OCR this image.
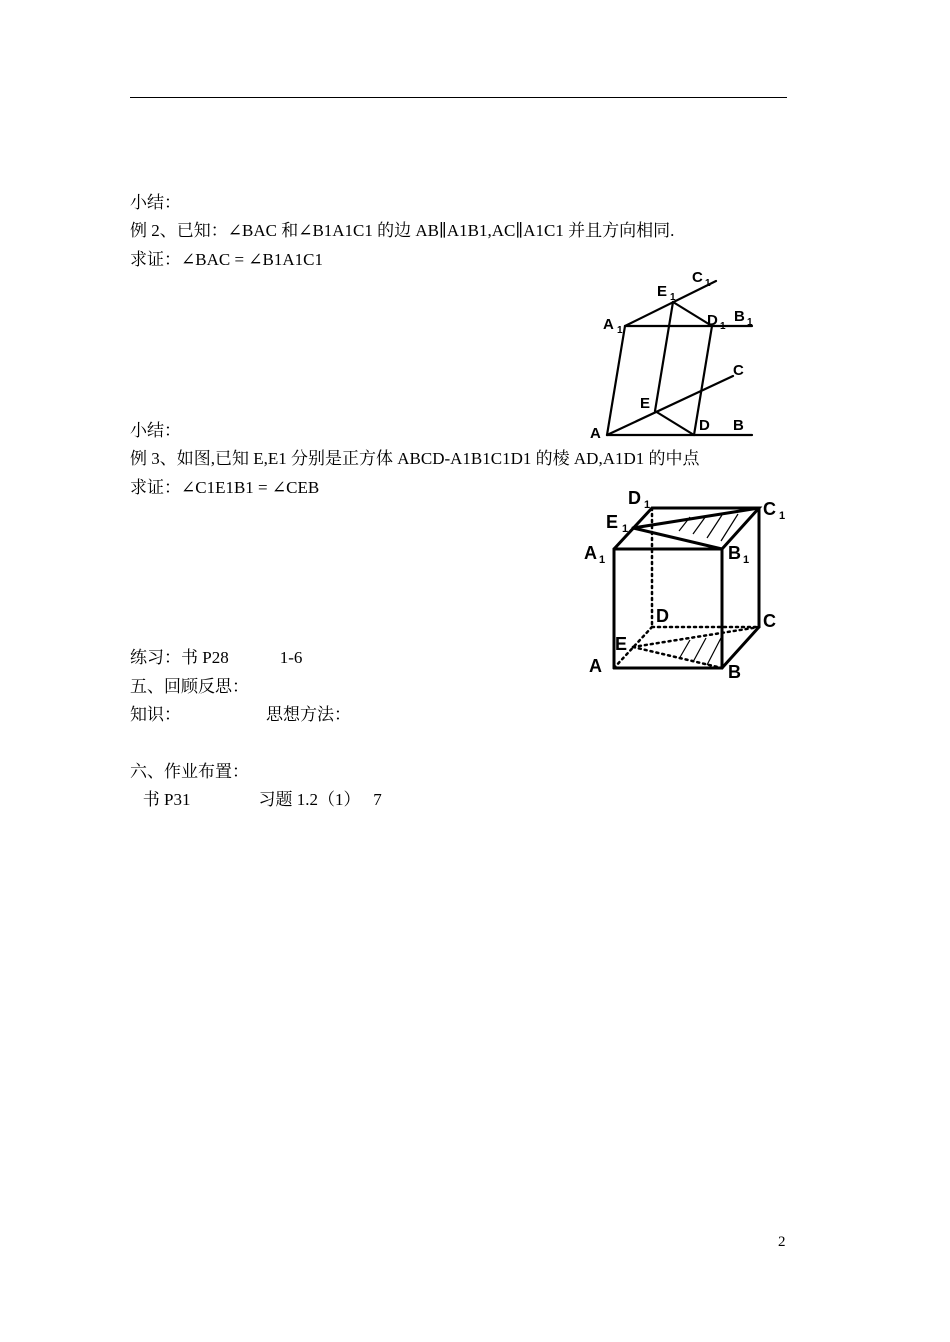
小结：
例 2、已知：∠BAC 和∠B1A1C1 的边 AB∥A1B1,AC∥A1C1 并且方向相同.
求证：∠BAC = ∠B1A1C1
小结：
例 3、如图,已知 E,E1 分别是正方体 ABCD-A1B1C1D1 的棱 AD,A1D1 的中点
求证：∠C1E1B1 = ∠CEB
练习：书 P28            1-6
五、回顾反思：
知识：                    思想方法：
六、作业布置：
书 P31                习题 1.2（1）   7
2
A
E
D B
C
A 1
E 1
D 1
B 1
C 1
D 1	C 1
E 1
A 1	B 1
D	C
E
A	B
